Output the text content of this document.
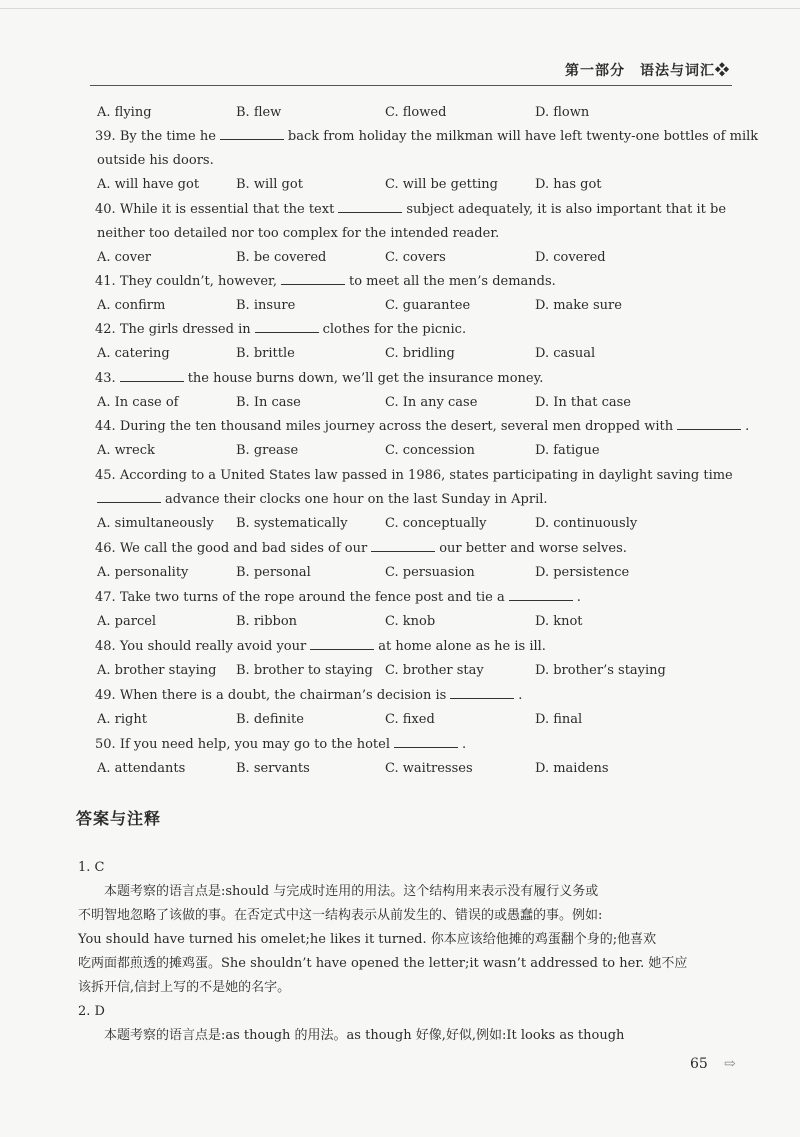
第一部分　语法与词汇❖
A. flying	B. flew	C. flowed	D. flown
39. By the time he	back from holiday the milkman will have left twenty-one bottles of milk
outside his doors.
A. will have got	B. will got	C. will be getting	D. has got
40. While it is essential that the text	subject adequately, it is also important that it be
neither too detailed nor too complex for the intended reader.
A. cover	B. be covered	C. covers	D. covered
41. They couldn’t, however,	to meet all the men’s demands.
A. confirm	B. insure	C. guarantee	D. make sure
42. The girls dressed in	clothes for the picnic.
A. catering	B. brittle	C. bridling	D. casual
43.	the house burns down, we’ll get the insurance money.
A. In case of	B. In case	C. In any case	D. In that case
44. During the ten thousand miles journey across the desert, several men dropped with	.
A. wreck	B. grease	C. concession	D. fatigue
45. According to a United States law passed in 1986, states participating in daylight saving time
advance their clocks one hour on the last Sunday in April.
A. simultaneously B. systematically	C. conceptually	D. continuously
46. We call the good and bad sides of our	our better and worse selves.
A. personality	B. personal	C. persuasion	D. persistence
47. Take two turns of the rope around the fence post and tie a	.
A. parcel	B. ribbon	C. knob	D. knot
48. You should really avoid your	at home alone as he is ill.
A. brother staying B. brother to staying C. brother stay	D. brother’s staying
49. When there is a doubt, the chairman’s decision is	.
A. right	B. definite	C. fixed	D. final
50. If you need help, you may go to the hotel	.
A. attendants	B. servants	C. waitresses	D. maidens
答案与注释

1. C

本题考察的语言点是:should 与完成时连用的用法。这个结构用来表示没有履行义务或

不明智地忽略了该做的事。在否定式中这一结构表示从前发生的、错误的或愚蠢的事。例如:

You should have turned his omelet;he likes it turned. 你本应该给他摊的鸡蛋翻个身的;他喜欢

吃两面都煎透的摊鸡蛋。She shouldn’t have opened the letter;it wasn’t addressed to her. 她不应

该拆开信,信封上写的不是她的名字。

2. D

本题考察的语言点是:as though 的用法。as though 好像,好似,例如:It looks as though

65 ⇨
